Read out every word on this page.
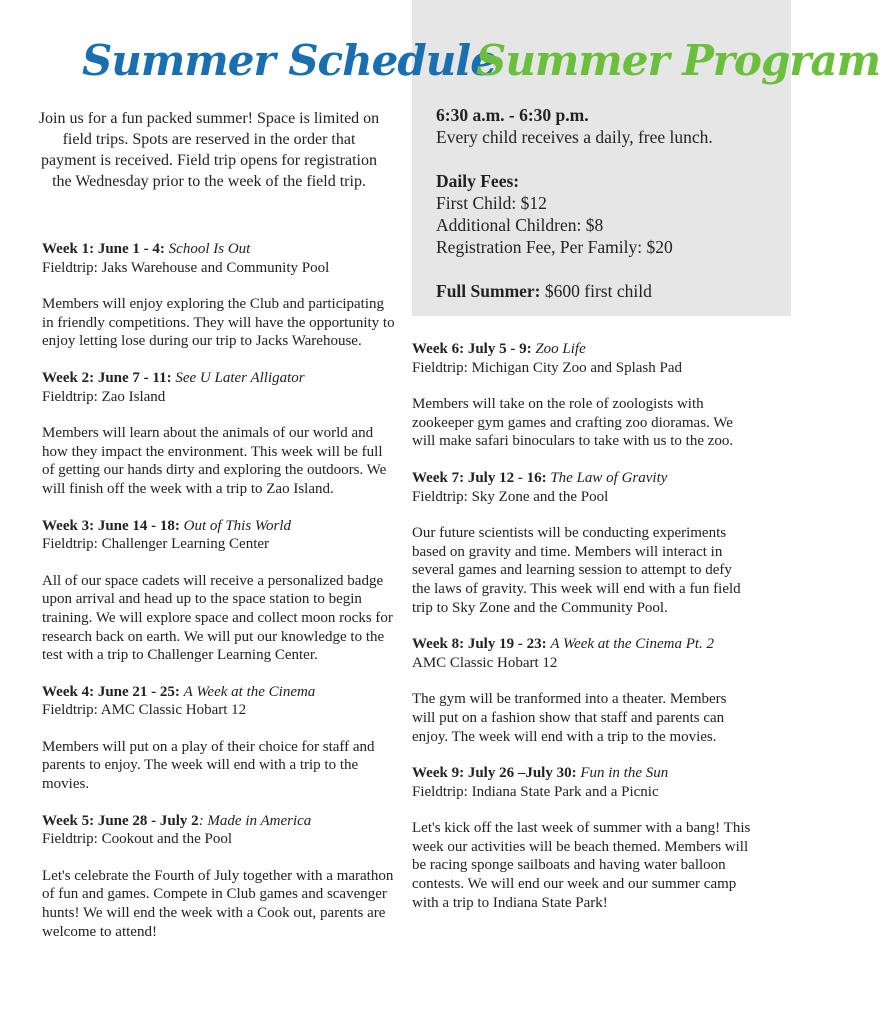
Summer Schedule
Summer Program

Join us for a fun packed summer! Space is limited on field trips. Spots are reserved in the order that payment is received. Field trip opens for registration the Wednesday prior to the week of the field trip.

6:30 a.m. - 6:30 p.m.
Every child receives a daily, free lunch.
Daily Fees:
First Child: $12
Additional Children: $8
Registration Fee, Per Family: $20
Full Summer: $600 first child
Week 1: June 1 - 4: School Is Out
Fieldtrip: Jaks Warehouse and Community Pool
Members will enjoy exploring the Club and participating in friendly competitions. They will have the opportunity to enjoy letting lose during our trip to Jacks Warehouse.
Week 2: June 7 - 11: See U Later Alligator
Fieldtrip: Zao Island
Members will learn about the animals of our world and how they impact the environment. This week will be full of getting our hands dirty and exploring the outdoors. We will finish off the week with a trip to Zao Island.
Week 3: June 14 - 18: Out of This World
Fieldtrip: Challenger Learning Center
All of our space cadets will receive a personalized badge upon arrival and head up to the space station to begin training. We will explore space and collect moon rocks for research back on earth. We will put our knowledge to the test with a trip to Challenger Learning Center.
Week 4: June 21 - 25: A Week at the Cinema
Fieldtrip: AMC Classic Hobart 12
Members will put on a play of their choice for staff and parents to enjoy. The week will end with a trip to the movies.
Week 5: June 28 - July 2: Made in America
Fieldtrip: Cookout and the Pool
Let's celebrate the Fourth of July together with a marathon of fun and games. Compete in Club games and scavenger hunts! We will end the week with a Cook out, parents are welcome to attend!
Week 6: July 5 - 9: Zoo Life
Fieldtrip: Michigan City Zoo and Splash Pad
Members will take on the role of zoologists with zookeeper gym games and crafting zoo dioramas. We will make safari binoculars to take with us to the zoo.
Week 7: July 12 - 16: The Law of Gravity
Fieldtrip: Sky Zone and the Pool
Our future scientists will be conducting experiments based on gravity and time. Members will interact in several games and learning session to attempt to defy the laws of gravity. This week will end with a fun field trip to Sky Zone and the Community Pool.
Week 8: July 19 - 23: A Week at the Cinema Pt. 2
AMC Classic Hobart 12
The gym will be tranformed into a theater. Members will put on a fashion show that staff and parents can enjoy. The week will end with a trip to the movies.
Week 9: July 26 –July 30: Fun in the Sun
Fieldtrip: Indiana State Park and a Picnic
Let's kick off the last week of summer with a bang! This week our activities will be beach themed. Members will be racing sponge sailboats and having water balloon contests. We will end our week and our summer camp with a trip to Indiana State Park!
